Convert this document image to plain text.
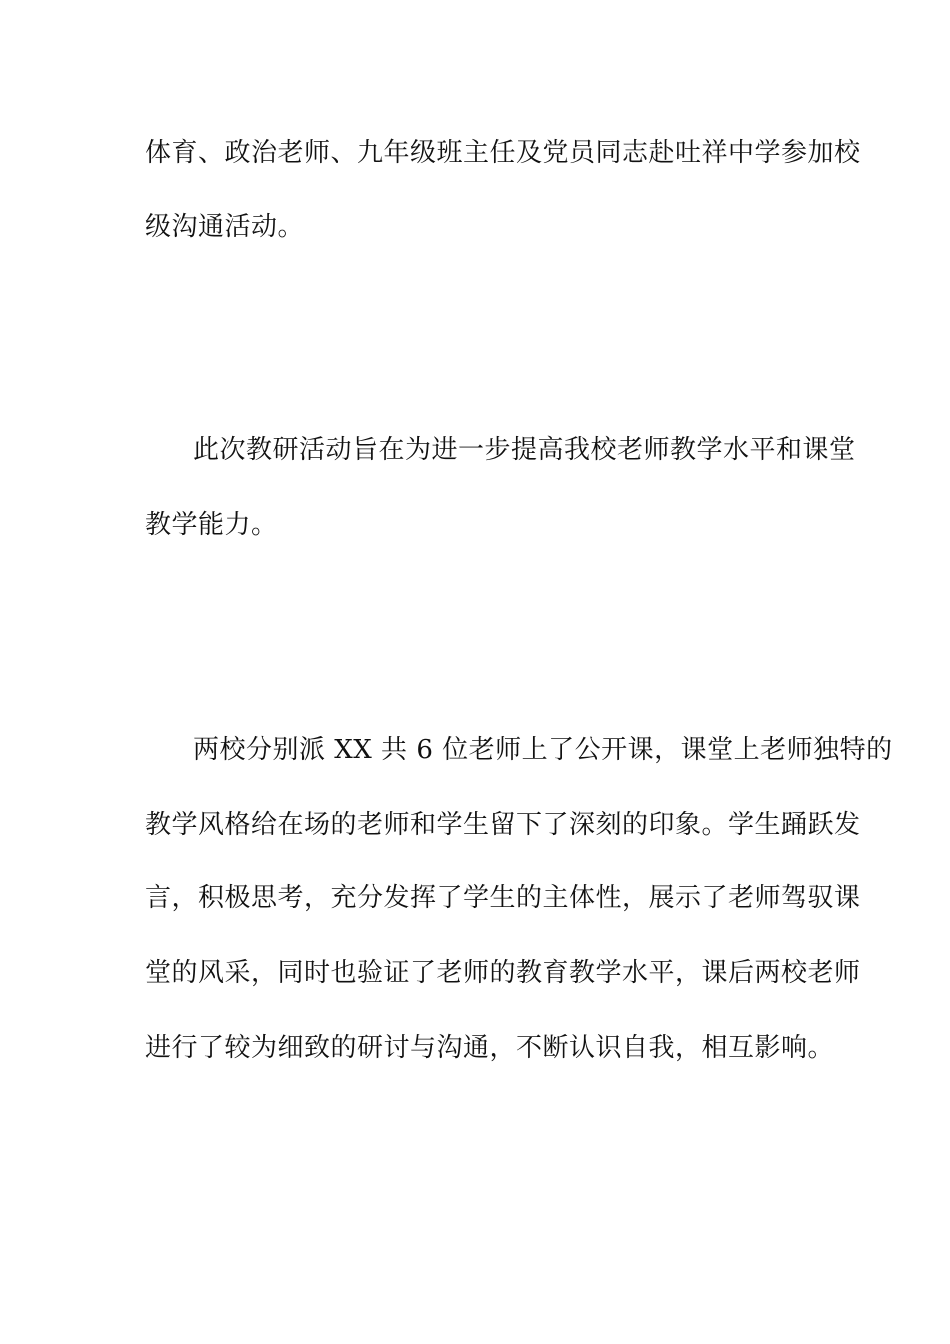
体育、政治老师、九年级班主任及党员同志赴吐祥中学参加校
级沟通活动。
此次教研活动旨在为进一步提高我校老师教学水平和课堂
教学能力。
两校分别派 XX 共 6 位老师上了公开课，课堂上老师独特的
教学风格给在场的老师和学生留下了深刻的印象。学生踊跃发
言，积极思考，充分发挥了学生的主体性，展示了老师驾驭课
堂的风采，同时也验证了老师的教育教学水平，课后两校老师
进行了较为细致的研讨与沟通，不断认识自我，相互影响。
